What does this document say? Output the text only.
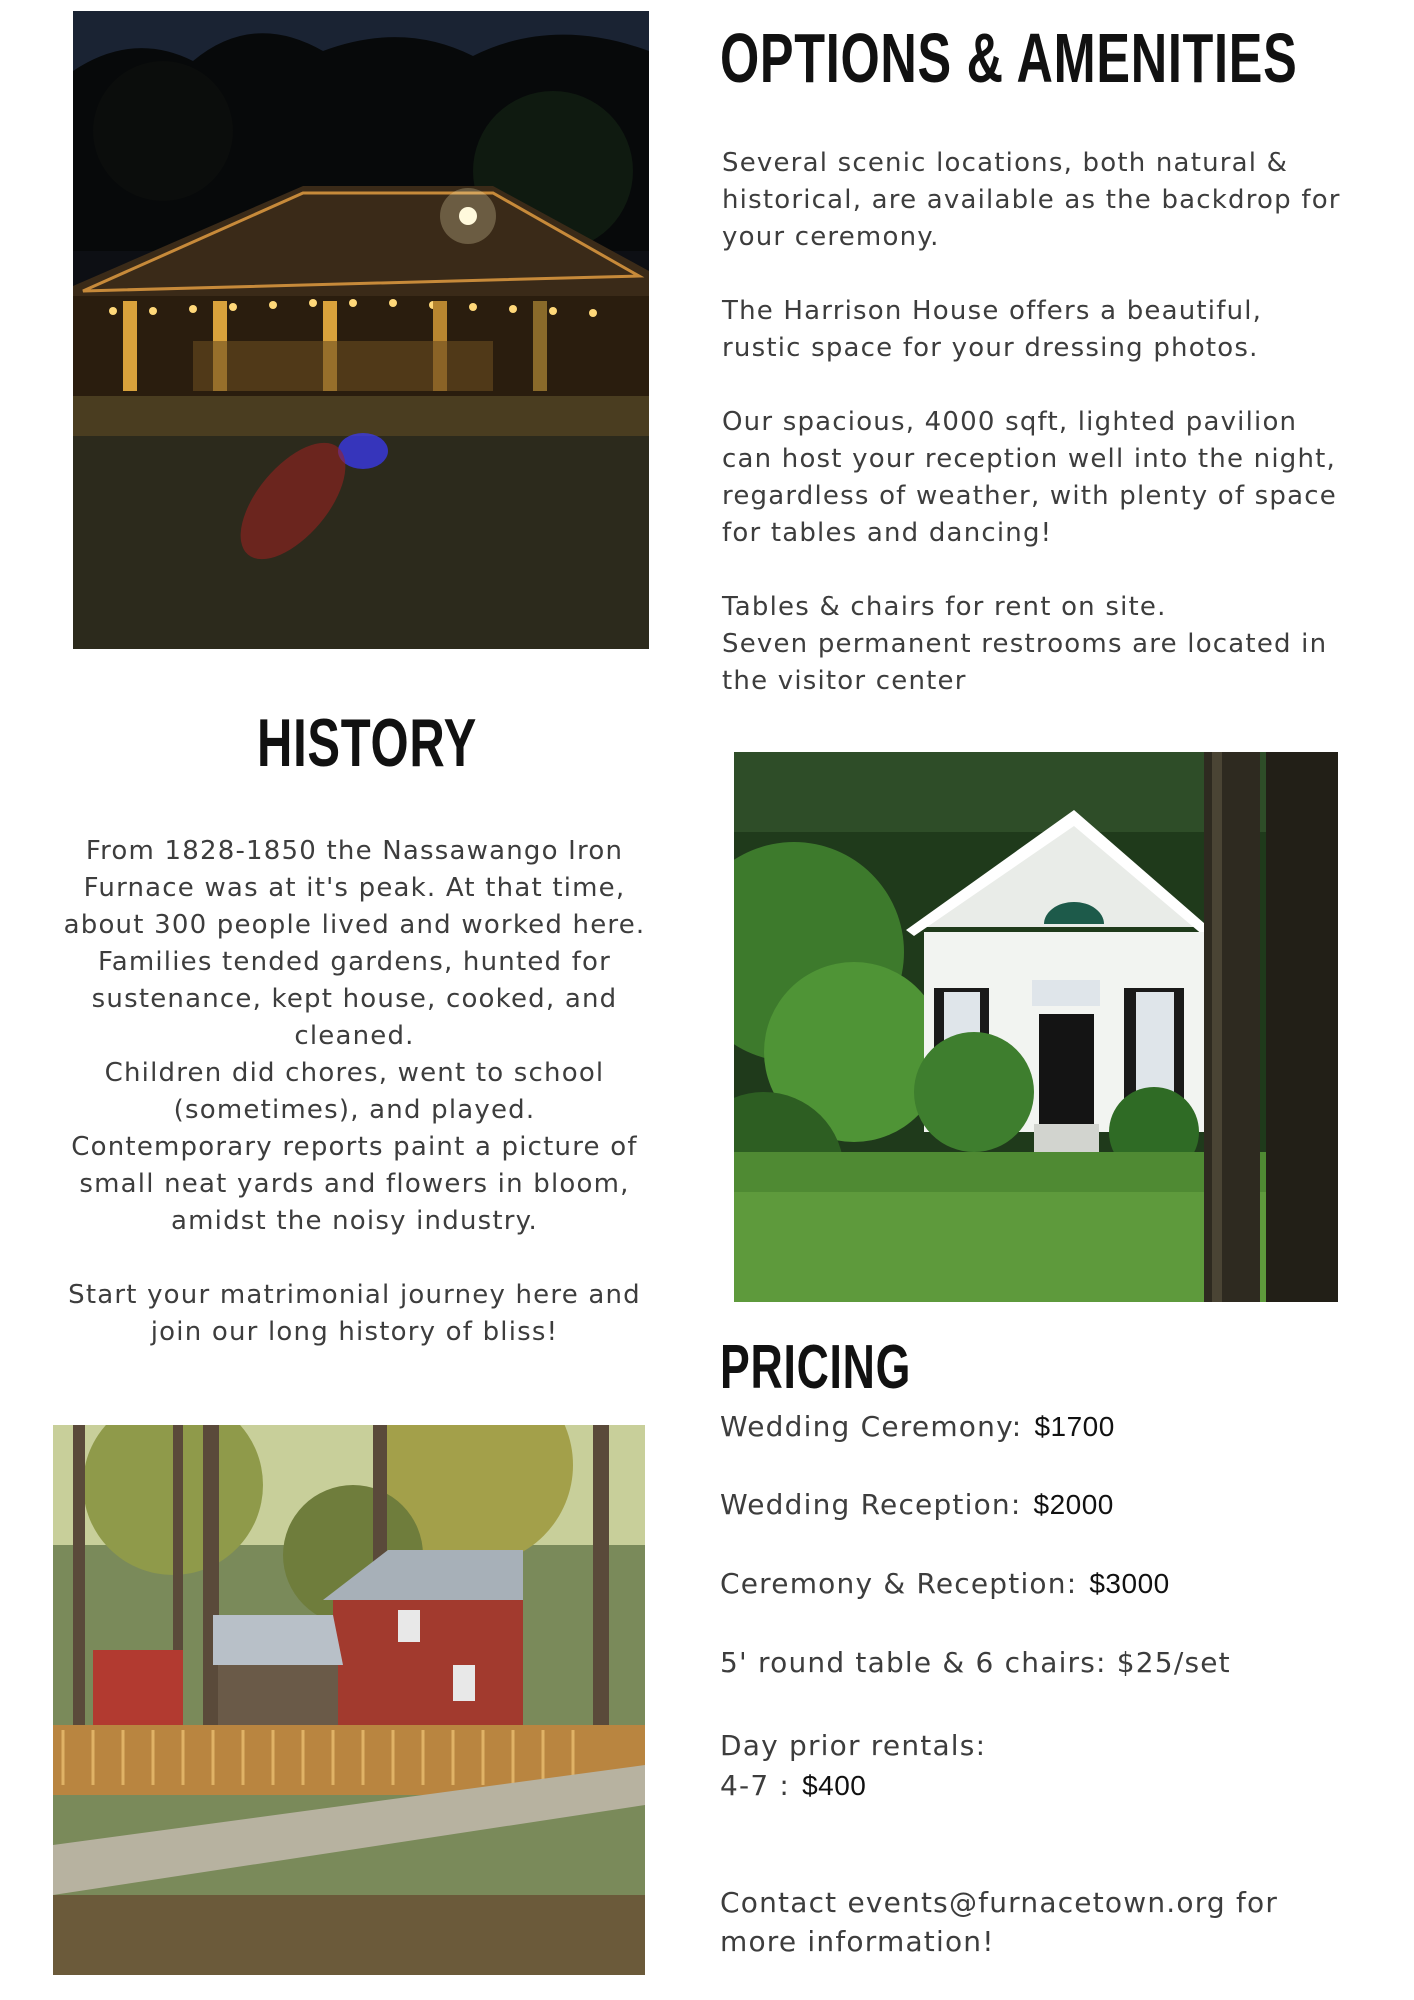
OPTIONS & AMENITIES
Several scenic locations, both natural & historical, are available as the backdrop for your ceremony.
The Harrison House offers a beautiful, rustic space for your dressing photos.
Our spacious, 4000 sqft, lighted pavilion can host your reception well into the night, regardless of weather, with plenty of space for tables and dancing!
Tables & chairs for rent on site.
Seven permanent restrooms are located in the visitor center
HISTORY
From 1828-1850 the Nassawango Iron Furnace was at it's peak. At that time, about 300 people lived and worked here.
Families tended gardens, hunted for sustenance, kept house, cooked, and cleaned.
Children did chores, went to school (sometimes), and played.
Contemporary reports paint a picture of small neat yards and flowers in bloom, amidst the noisy industry.
Start your matrimonial journey here and join our long history of bliss!
PRICING
Wedding Ceremony: $1700
Wedding Reception: $2000
Ceremony & Reception: $3000
5' round table & 6 chairs: $25/set
Day prior rentals:
4-7 : $400
Contact events@furnacetown.org for more information!
